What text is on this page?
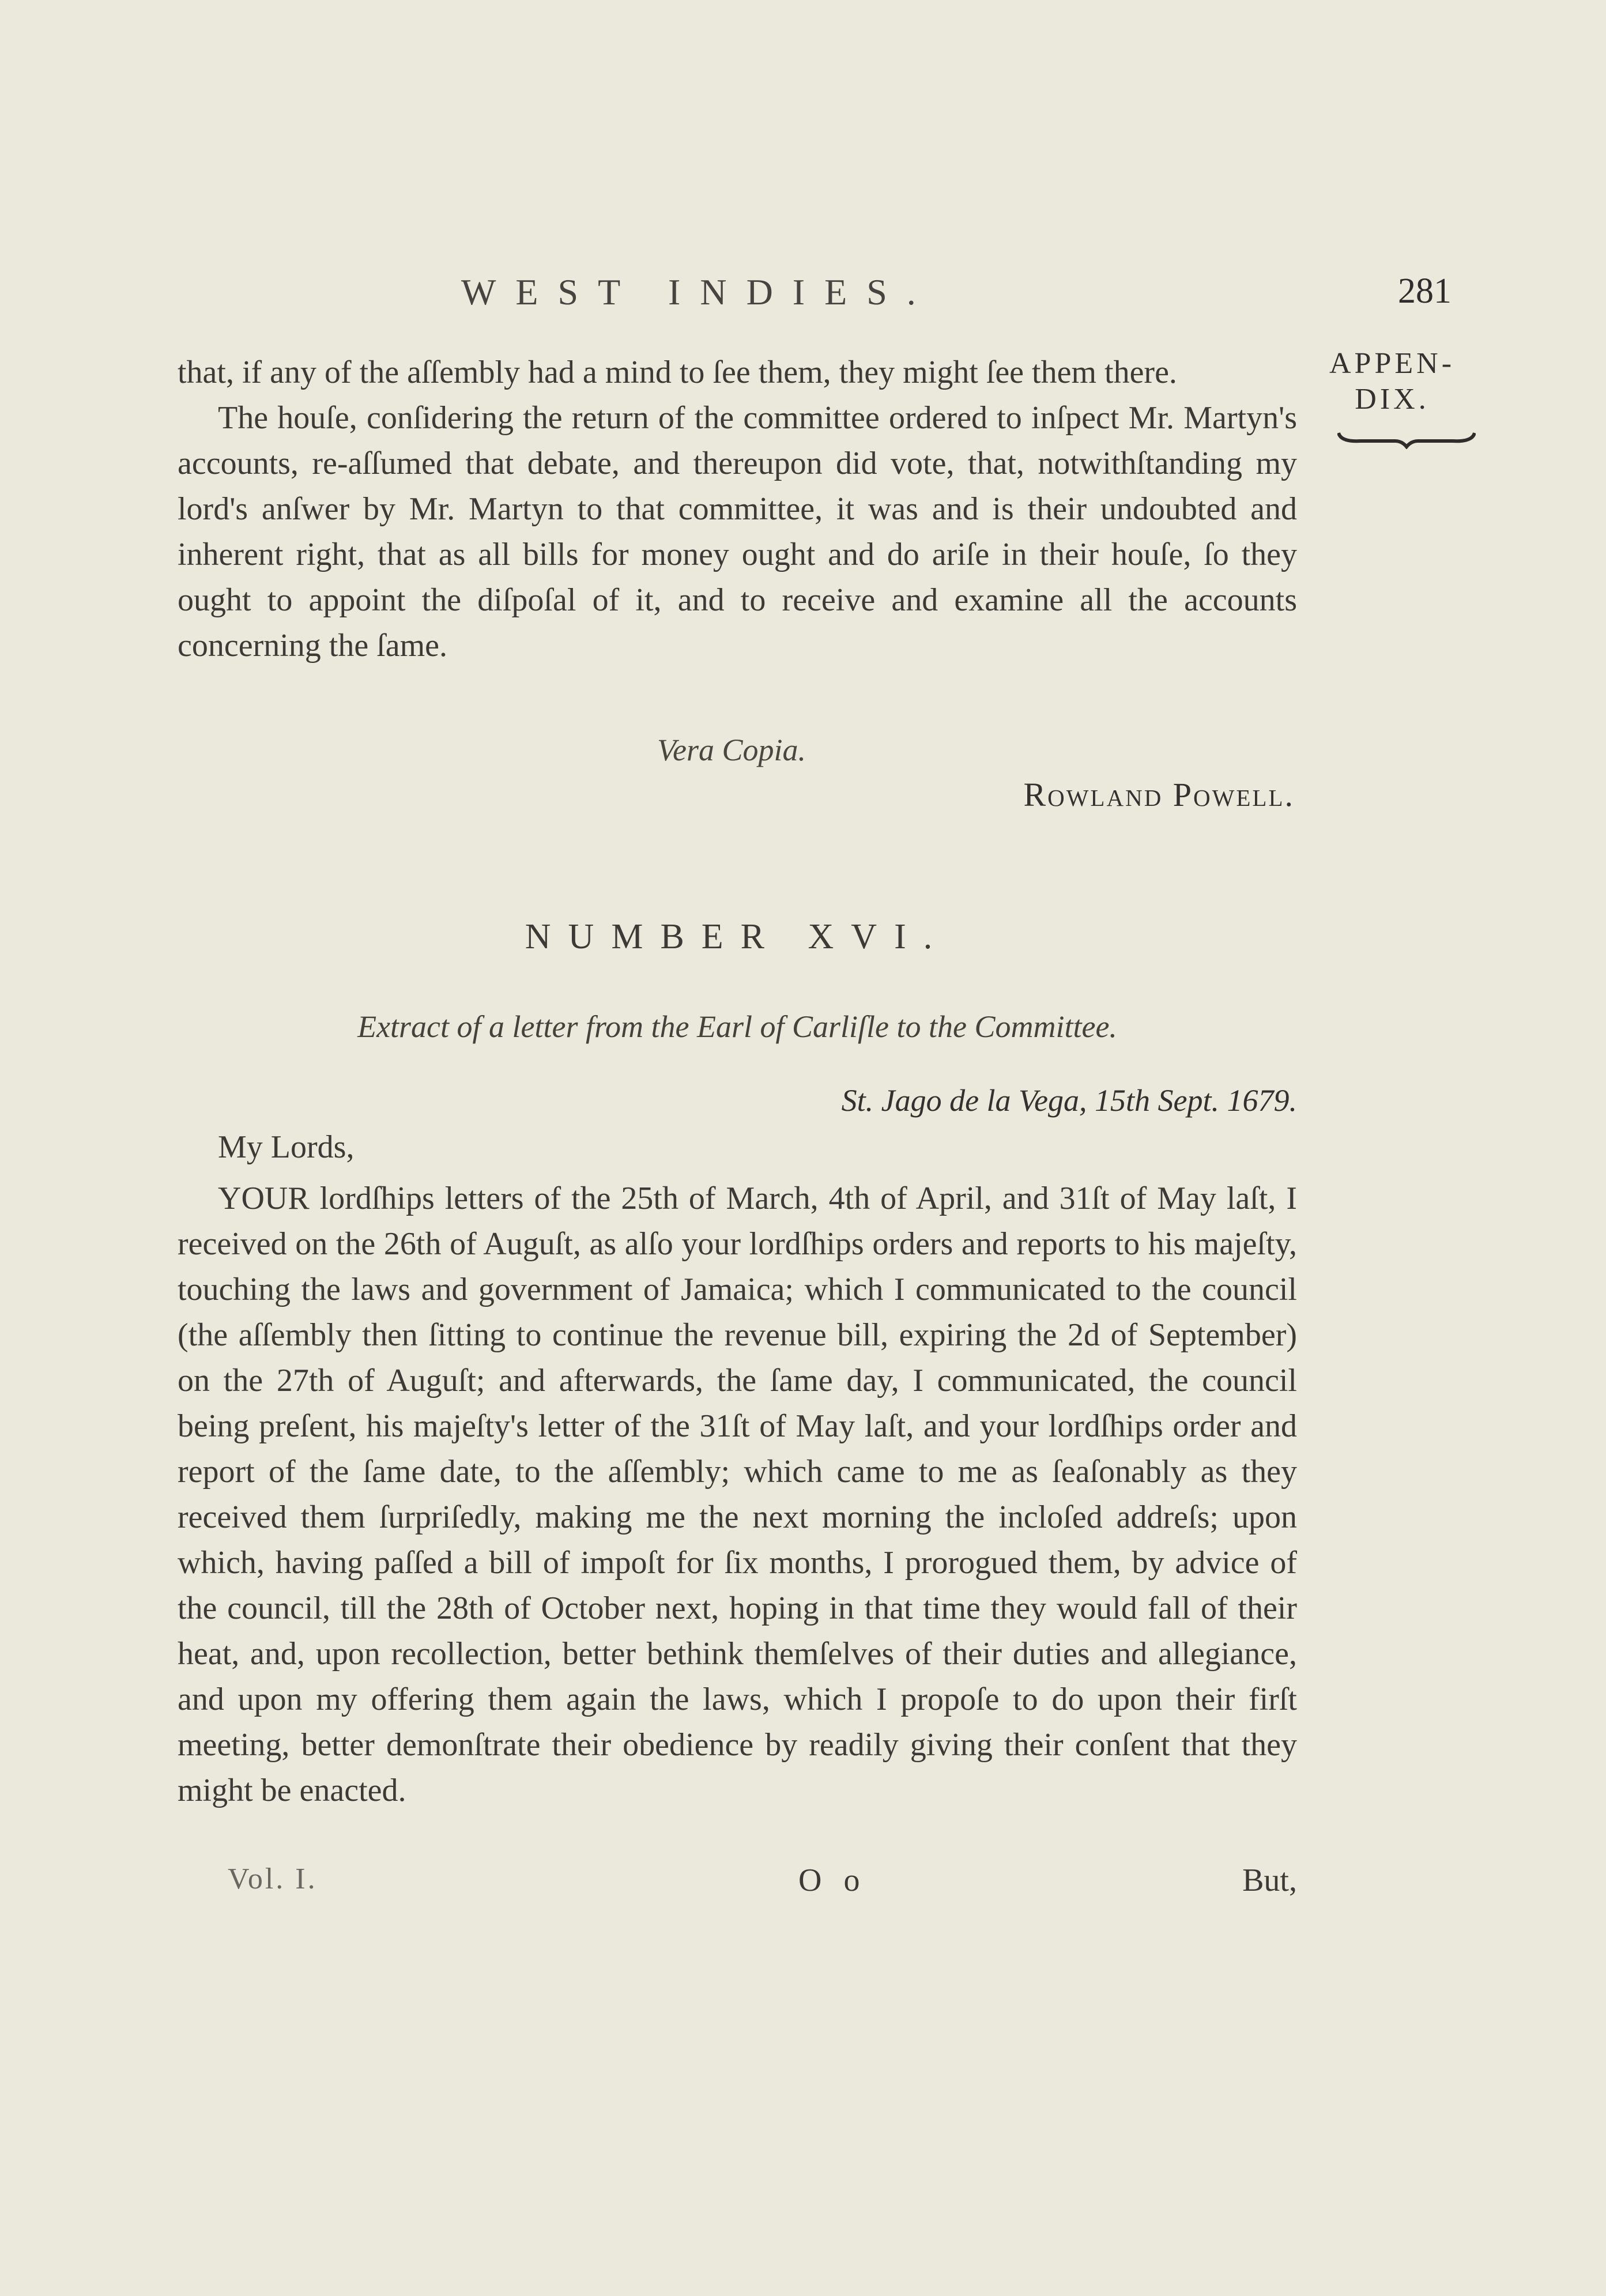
WEST INDIES.	281
APPEN-DIX.

that, if any of the aſſembly had a mind to ſee them, they might ſee them there.

The houſe, conſidering the return of the committee ordered to inſpect Mr. Martyn's accounts, re-aſſumed that debate, and thereupon did vote, that, notwithſtanding my lord's anſwer by Mr. Martyn to that committee, it was and is their undoubted and inherent right, that as all bills for money ought and do ariſe in their houſe, ſo they ought to appoint the diſpoſal of it, and to receive and examine all the accounts concerning the ſame.

Vera Copia.
Rowland Powell.
NUMBER XVI.
Extract of a letter from the Earl of Carliſle to the Committee.
St. Jago de la Vega, 15th Sept. 1679.
My Lords,

YOUR lordſhips letters of the 25th of March, 4th of April, and 31ſt of May laſt, I received on the 26th of Auguſt, as alſo your lordſhips orders and reports to his majeſty, touching the laws and government of Jamaica; which I communicated to the council (the aſſembly then ſitting to continue the revenue bill, expiring the 2d of September) on the 27th of Auguſt; and afterwards, the ſame day, I communicated, the council being preſent, his majeſty's letter of the 31ſt of May laſt, and your lordſhips order and report of the ſame date, to the aſſembly; which came to me as ſeaſonably as they received them ſurpriſedly, making me the next morning the incloſed addreſs; upon which, having paſſed a bill of impoſt for ſix months, I prorogued them, by advice of the council, till the 28th of October next, hoping in that time they would fall of their heat, and, upon recollection, better bethink themſelves of their duties and allegiance, and upon my offering them again the laws, which I propoſe to do upon their firſt meeting, better demonſtrate their obedience by readily giving their conſent that they might be enacted.

Vol. I.	O o	But,
